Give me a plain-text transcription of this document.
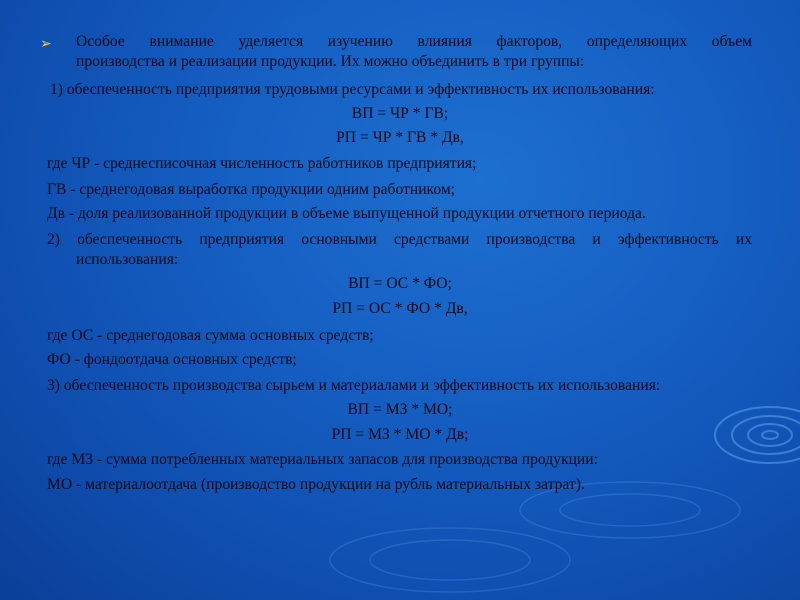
➢ Особое внимание уделяется изучению влияния факторов, определяющих объем
производства и реализации продукции. Их можно объединить в три группы:
1) обеспеченность предприятия трудовыми ресурсами и эффективность их использования:
ВП = ЧР * ГВ;
РП = ЧР * ГВ * Дв,
где ЧР - среднесписочная численность работников предприятия;
ГВ - среднегодовая выработка продукции одним работником;
Дв - доля реализованной продукции в объеме выпущенной продукции отчетного периода.
2) обеспеченность предприятия основными средствами производства и эффективность их
использования:
ВП = ОС * ФО;
РП = ОС * ФО * Дв,
где ОС - среднегодовая сумма основных средств;
ФО - фондоотдача основных средств;
3) обеспеченность производства сырьем и материалами и эффективность их использования:
ВП = МЗ * МО;
РП = МЗ * МО * Дв;
где МЗ - сумма потребленных материальных запасов для производства продукции:
МО - материалоотдача (производство продукции на рубль материальных затрат).
